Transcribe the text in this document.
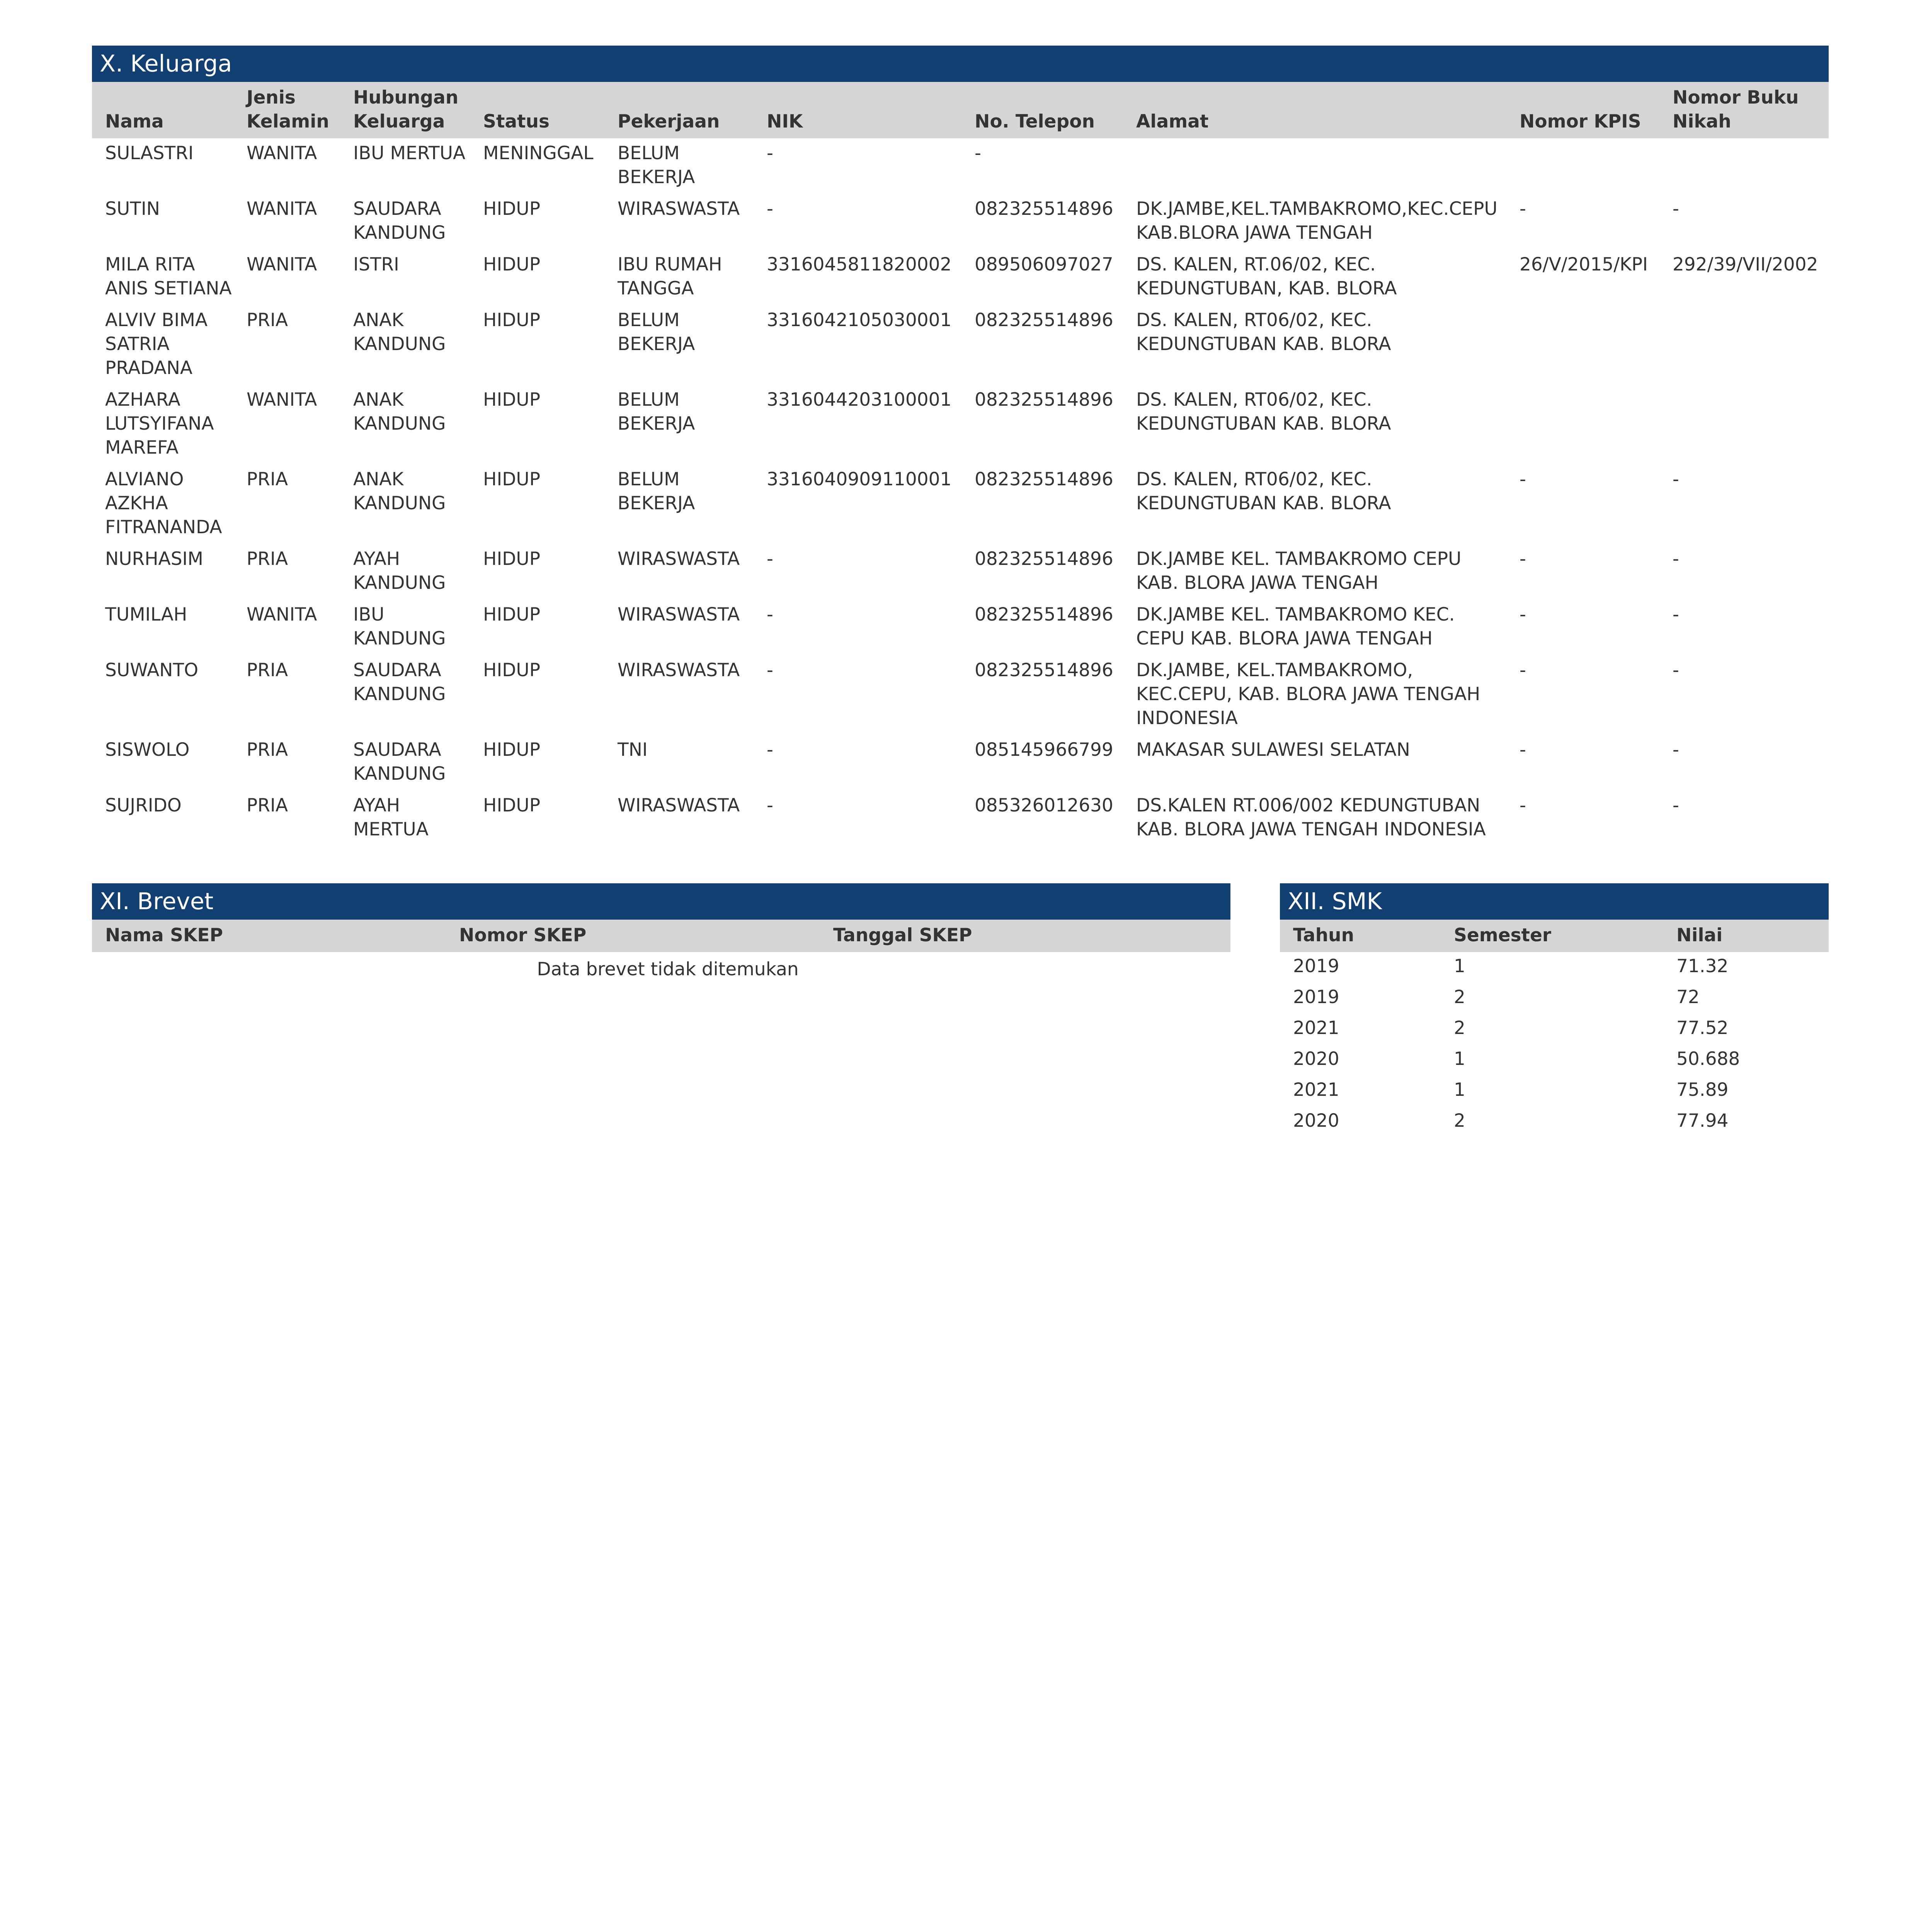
X. Keluarga
Nama	Jenis Kelamin	Hubungan Keluarga	Status	Pekerjaan	NIK	No. Telepon	Alamat	Nomor KPIS	Nomor Buku Nikah
SULASTRI	WANITA	IBU MERTUA	MENINGGAL	BELUM BEKERJA	-	-			
SUTIN	WANITA	SAUDARA KANDUNG	HIDUP	WIRASWASTA	-	082325514896	DK.JAMBE,KEL.TAMBAKROMO,KEC.CEPU KAB.BLORA JAWA TENGAH	-	-
MILA RITA ANIS SETIANA	WANITA	ISTRI	HIDUP	IBU RUMAH TANGGA	3316045811820002	089506097027	DS. KALEN, RT.06/02, KEC. KEDUNGTUBAN, KAB. BLORA	26/V/2015/KPI	292/39/VII/2002
ALVIV BIMA SATRIA PRADANA	PRIA	ANAK KANDUNG	HIDUP	BELUM BEKERJA	3316042105030001	082325514896	DS. KALEN, RT06/02, KEC. KEDUNGTUBAN KAB. BLORA		
AZHARA LUTSYIFANA MAREFA	WANITA	ANAK KANDUNG	HIDUP	BELUM BEKERJA	3316044203100001	082325514896	DS. KALEN, RT06/02, KEC. KEDUNGTUBAN KAB. BLORA		
ALVIANO AZKHA FITRANANDA	PRIA	ANAK KANDUNG	HIDUP	BELUM BEKERJA	3316040909110001	082325514896	DS. KALEN, RT06/02, KEC. KEDUNGTUBAN KAB. BLORA	-	-
NURHASIM	PRIA	AYAH KANDUNG	HIDUP	WIRASWASTA	-	082325514896	DK.JAMBE KEL. TAMBAKROMO CEPU KAB. BLORA JAWA TENGAH	-	-
TUMILAH	WANITA	IBU KANDUNG	HIDUP	WIRASWASTA	-	082325514896	DK.JAMBE KEL. TAMBAKROMO KEC. CEPU KAB. BLORA JAWA TENGAH	-	-
SUWANTO	PRIA	SAUDARA KANDUNG	HIDUP	WIRASWASTA	-	082325514896	DK.JAMBE, KEL.TAMBAKROMO, KEC.CEPU, KAB. BLORA JAWA TENGAH INDONESIA	-	-
SISWOLO	PRIA	SAUDARA KANDUNG	HIDUP	TNI	-	085145966799	MAKASAR SULAWESI SELATAN	-	-
SUJRIDO	PRIA	AYAH MERTUA	HIDUP	WIRASWASTA	-	085326012630	DS.KALEN RT.006/002 KEDUNGTUBAN KAB. BLORA JAWA TENGAH INDONESIA	-	-
XI. Brevet
Nama SKEP	Nomor SKEP	Tanggal SKEP
Data brevet tidak ditemukan
XII. SMK
Tahun	Semester	Nilai
2019	1	71.32
2019	2	72
2021	2	77.52
2020	1	50.688
2021	1	75.89
2020	2	77.94
